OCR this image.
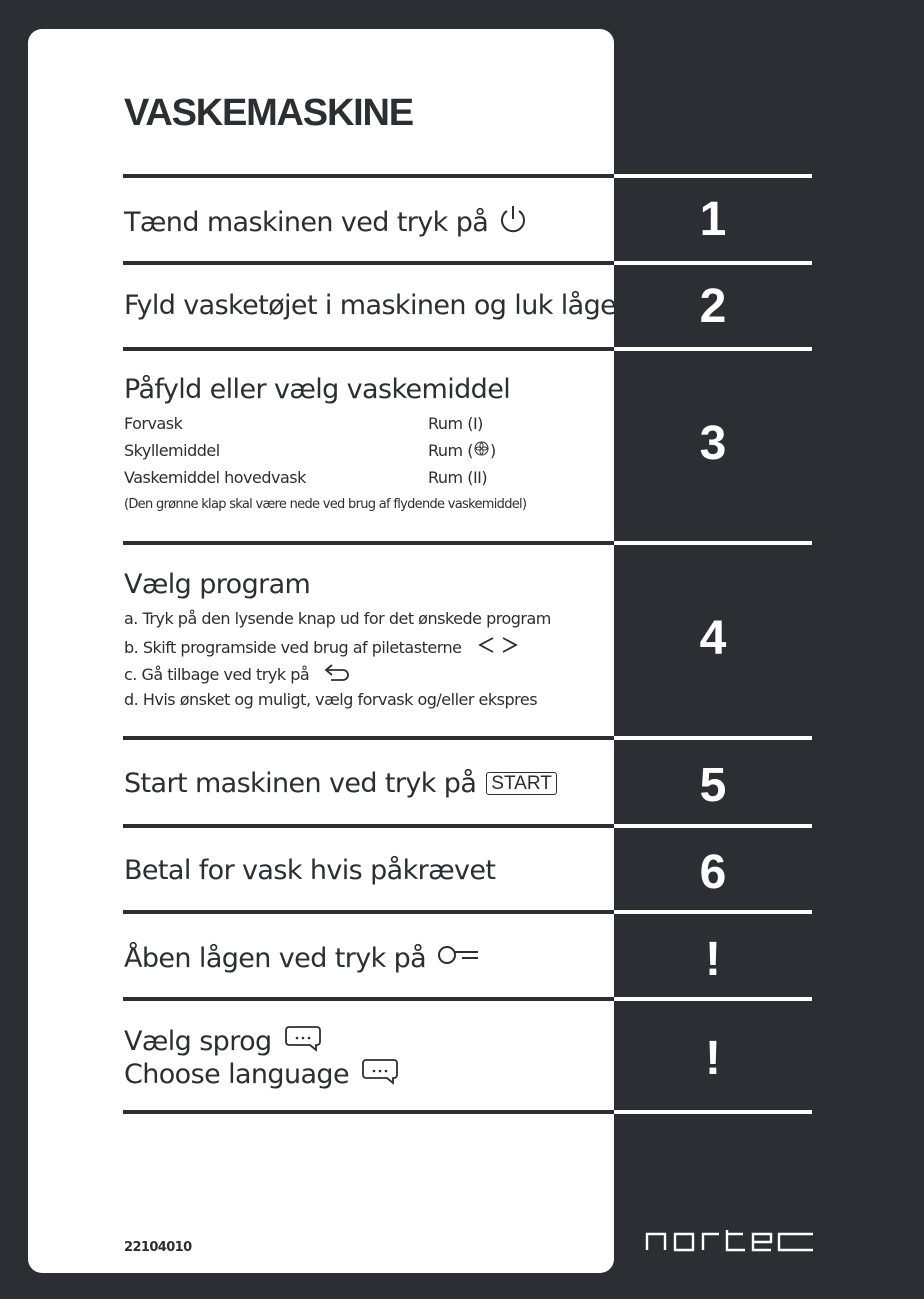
VASKEMASKINE
Tænd maskinen ved tryk på	1
Fyld vasketøjet i maskinen og luk lågen	2
Påfyld eller vælg vaskemiddel
Forvask	Rum (I)
Skyllemiddel	Rum ( )
Vaskemiddel hovedvask	Rum (II)
(Den grønne klap skal være nede ved brug af flydende vaskemiddel)
3
Vælg program
a. Tryk på den lysende knap ud for det ønskede program
b. Skift programside ved brug af piletasterne
c. Gå tilbage ved tryk på
d. Hvis ønsket og muligt, vælg forvask og/eller ekspres
4
Start maskinen ved tryk på START	5
Betal for vask hvis påkrævet	6
Åben lågen ved tryk på	!
Vælg sprog
Choose language	!
22104010
nortec
